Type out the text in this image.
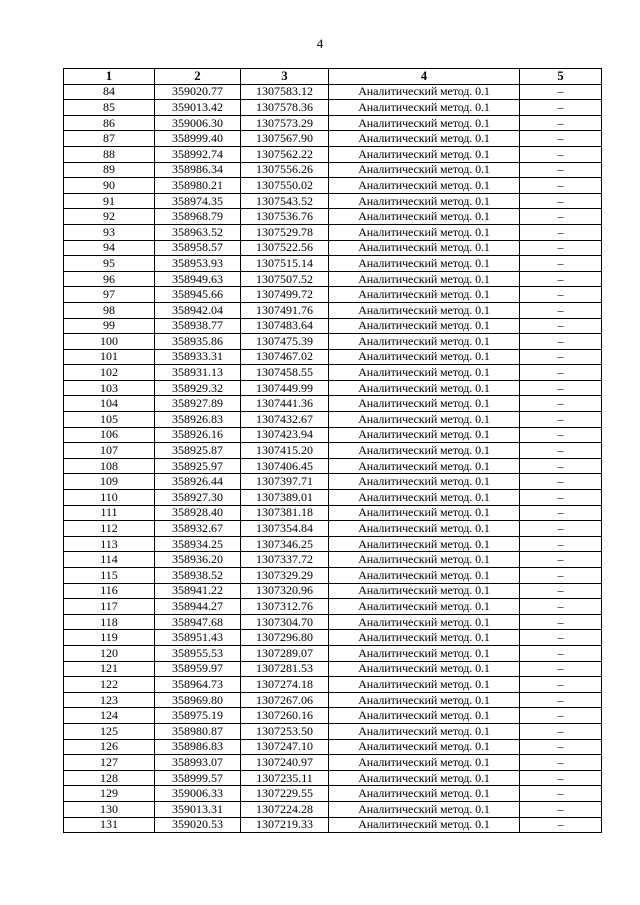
4
1	2	3	4	5
84	359020.77	1307583.12	Аналитический метод. 0.1	–
85	359013.42	1307578.36	Аналитический метод. 0.1	–
86	359006.30	1307573.29	Аналитический метод. 0.1	–
87	358999.40	1307567.90	Аналитический метод. 0.1	–
88	358992.74	1307562.22	Аналитический метод. 0.1	–
89	358986.34	1307556.26	Аналитический метод. 0.1	–
90	358980.21	1307550.02	Аналитический метод. 0.1	–
91	358974.35	1307543.52	Аналитический метод. 0.1	–
92	358968.79	1307536.76	Аналитический метод. 0.1	–
93	358963.52	1307529.78	Аналитический метод. 0.1	–
94	358958.57	1307522.56	Аналитический метод. 0.1	–
95	358953.93	1307515.14	Аналитический метод. 0.1	–
96	358949.63	1307507.52	Аналитический метод. 0.1	–
97	358945.66	1307499.72	Аналитический метод. 0.1	–
98	358942.04	1307491.76	Аналитический метод. 0.1	–
99	358938.77	1307483.64	Аналитический метод. 0.1	–
100	358935.86	1307475.39	Аналитический метод. 0.1	–
101	358933.31	1307467.02	Аналитический метод. 0.1	–
102	358931.13	1307458.55	Аналитический метод. 0.1	–
103	358929.32	1307449.99	Аналитический метод. 0.1	–
104	358927.89	1307441.36	Аналитический метод. 0.1	–
105	358926.83	1307432.67	Аналитический метод. 0.1	–
106	358926.16	1307423.94	Аналитический метод. 0.1	–
107	358925.87	1307415.20	Аналитический метод. 0.1	–
108	358925.97	1307406.45	Аналитический метод. 0.1	–
109	358926.44	1307397.71	Аналитический метод. 0.1	–
110	358927.30	1307389.01	Аналитический метод. 0.1	–
111	358928.40	1307381.18	Аналитический метод. 0.1	–
112	358932.67	1307354.84	Аналитический метод. 0.1	–
113	358934.25	1307346.25	Аналитический метод. 0.1	–
114	358936.20	1307337.72	Аналитический метод. 0.1	–
115	358938.52	1307329.29	Аналитический метод. 0.1	–
116	358941.22	1307320.96	Аналитический метод. 0.1	–
117	358944.27	1307312.76	Аналитический метод. 0.1	–
118	358947.68	1307304.70	Аналитический метод. 0.1	–
119	358951.43	1307296.80	Аналитический метод. 0.1	–
120	358955.53	1307289.07	Аналитический метод. 0.1	–
121	358959.97	1307281.53	Аналитический метод. 0.1	–
122	358964.73	1307274.18	Аналитический метод. 0.1	–
123	358969.80	1307267.06	Аналитический метод. 0.1	–
124	358975.19	1307260.16	Аналитический метод. 0.1	–
125	358980.87	1307253.50	Аналитический метод. 0.1	–
126	358986.83	1307247.10	Аналитический метод. 0.1	–
127	358993.07	1307240.97	Аналитический метод. 0.1	–
128	358999.57	1307235.11	Аналитический метод. 0.1	–
129	359006.33	1307229.55	Аналитический метод. 0.1	–
130	359013.31	1307224.28	Аналитический метод. 0.1	–
131	359020.53	1307219.33	Аналитический метод. 0.1	–
